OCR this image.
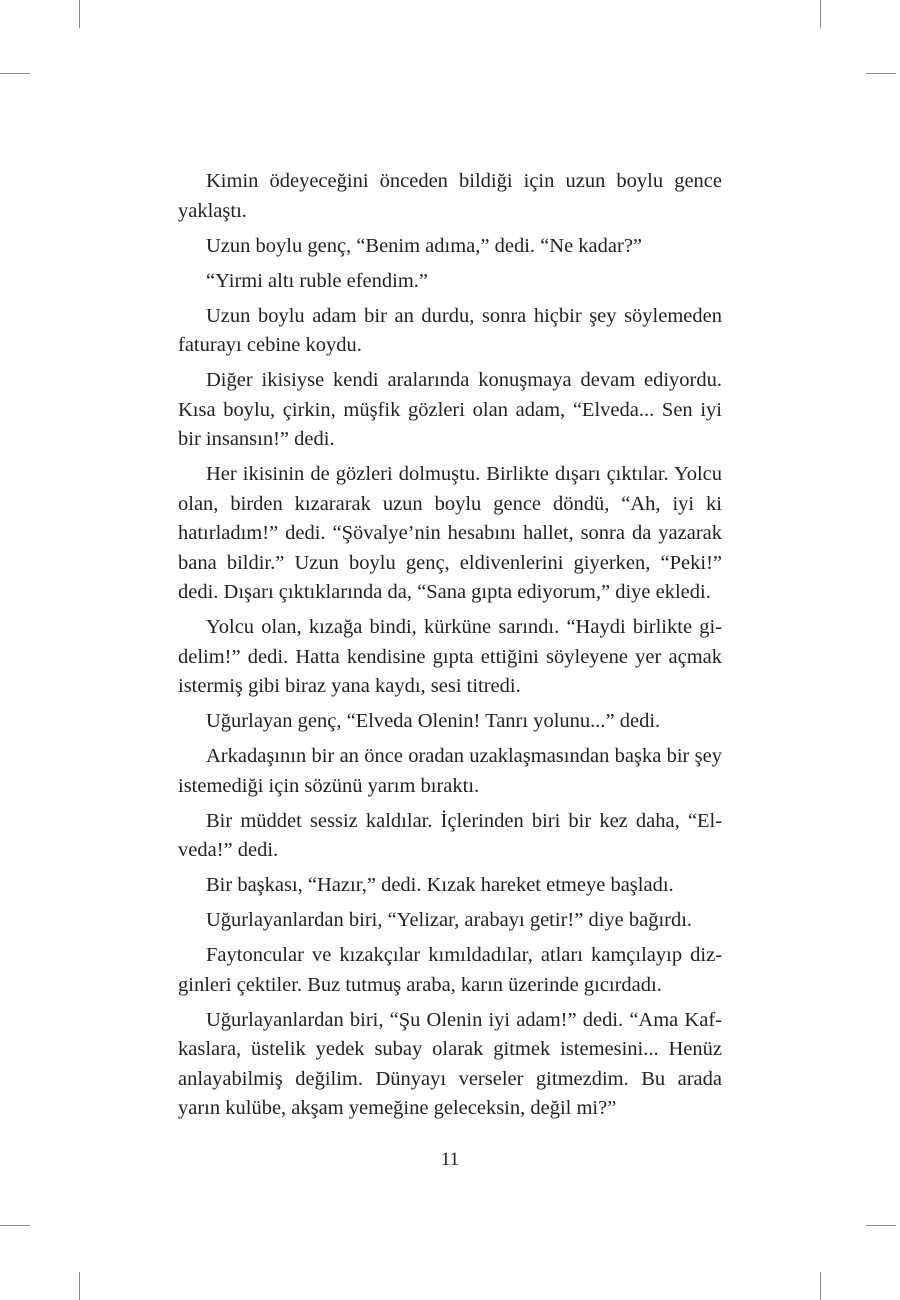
Kimin ödeyeceğini önceden bildiği için uzun boylu gence yaklaştı.

Uzun boylu genç, “Benim adıma,” dedi. “Ne kadar?”

“Yirmi altı ruble efendim.”

Uzun boylu adam bir an durdu, sonra hiçbir şey söylemeden faturayı cebine koydu.

Diğer ikisiyse kendi aralarında konuşmaya devam ediyordu. Kısa boylu, çirkin, müşfik gözleri olan adam, “Elveda... Sen iyi bir insansın!” dedi.

Her ikisinin de gözleri dolmuştu. Birlikte dışarı çıktılar. Yolcu olan, birden kızararak uzun boylu gence döndü, “Ah, iyi ki hatırladım!” dedi. “Şövalye’nin hesabını hallet, sonra da yazarak bana bildir.” Uzun boylu genç, eldivenlerini giyerken, “Peki!” dedi. Dışarı çıktıklarında da, “Sana gıpta ediyorum,” diye ekledi.

Yolcu olan, kızağa bindi, kürküne sarındı. “Haydi birlikte gidelim!” dedi. Hatta kendisine gıpta ettiğini söyleyene yer açmak istermiş gibi biraz yana kaydı, sesi titredi.

Uğurlayan genç, “Elveda Olenin! Tanrı yolunu...” dedi.

Arkadaşının bir an önce oradan uzaklaşmasından başka bir şey istemediği için sözünü yarım bıraktı.

Bir müddet sessiz kaldılar. İçlerinden biri bir kez daha, “Elveda!” dedi.

Bir başkası, “Hazır,” dedi. Kızak hareket etmeye başladı.

Uğurlayanlardan biri, “Yelizar, arabayı getir!” diye bağırdı.

Faytoncular ve kızakçılar kımıldadılar, atları kamçılayıp dizginleri çektiler. Buz tutmuş araba, karın üzerinde gıcırdadı.

Uğurlayanlardan biri, “Şu Olenin iyi adam!” dedi. “Ama Kafkaslara, üstelik yedek subay olarak gitmek istemesini... Henüz anlayabilmiş değilim. Dünyayı verseler gitmezdim. Bu arada yarın kulübe, akşam yemeğine geleceksin, değil mi?”

11
